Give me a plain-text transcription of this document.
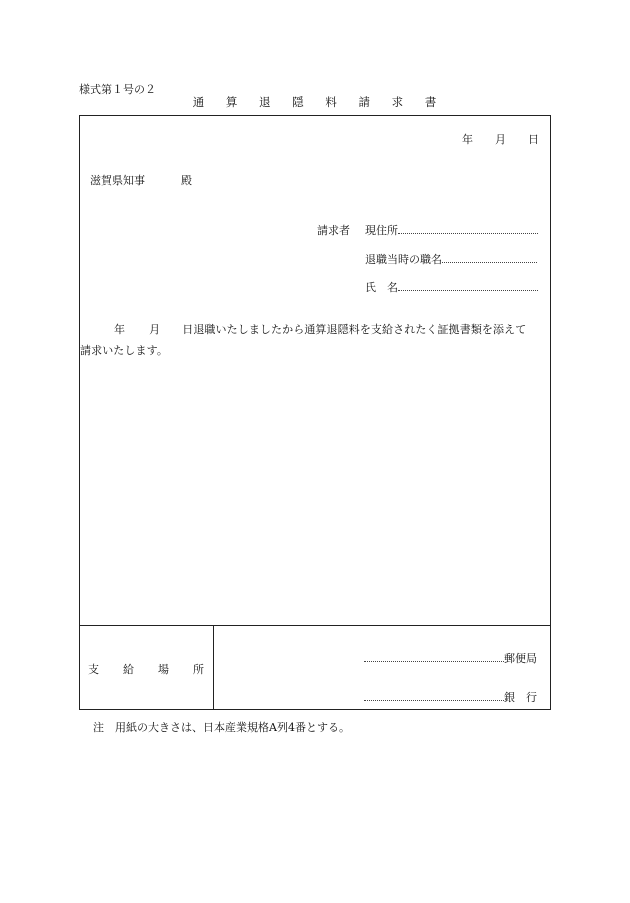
様式第１号の２
通 算 退 隠 料 請 求 書
年 月 日
滋賀県知事	殿
請求者 現住所
退職当時の職名
氏　名
年 月 日退職いたしましたから通算退隠料を支給されたく証拠書類を添えて
請求いたします。
支給場所
郵便局
銀　行
注　用紙の大きさは、日本産業規格A列4番とする。
